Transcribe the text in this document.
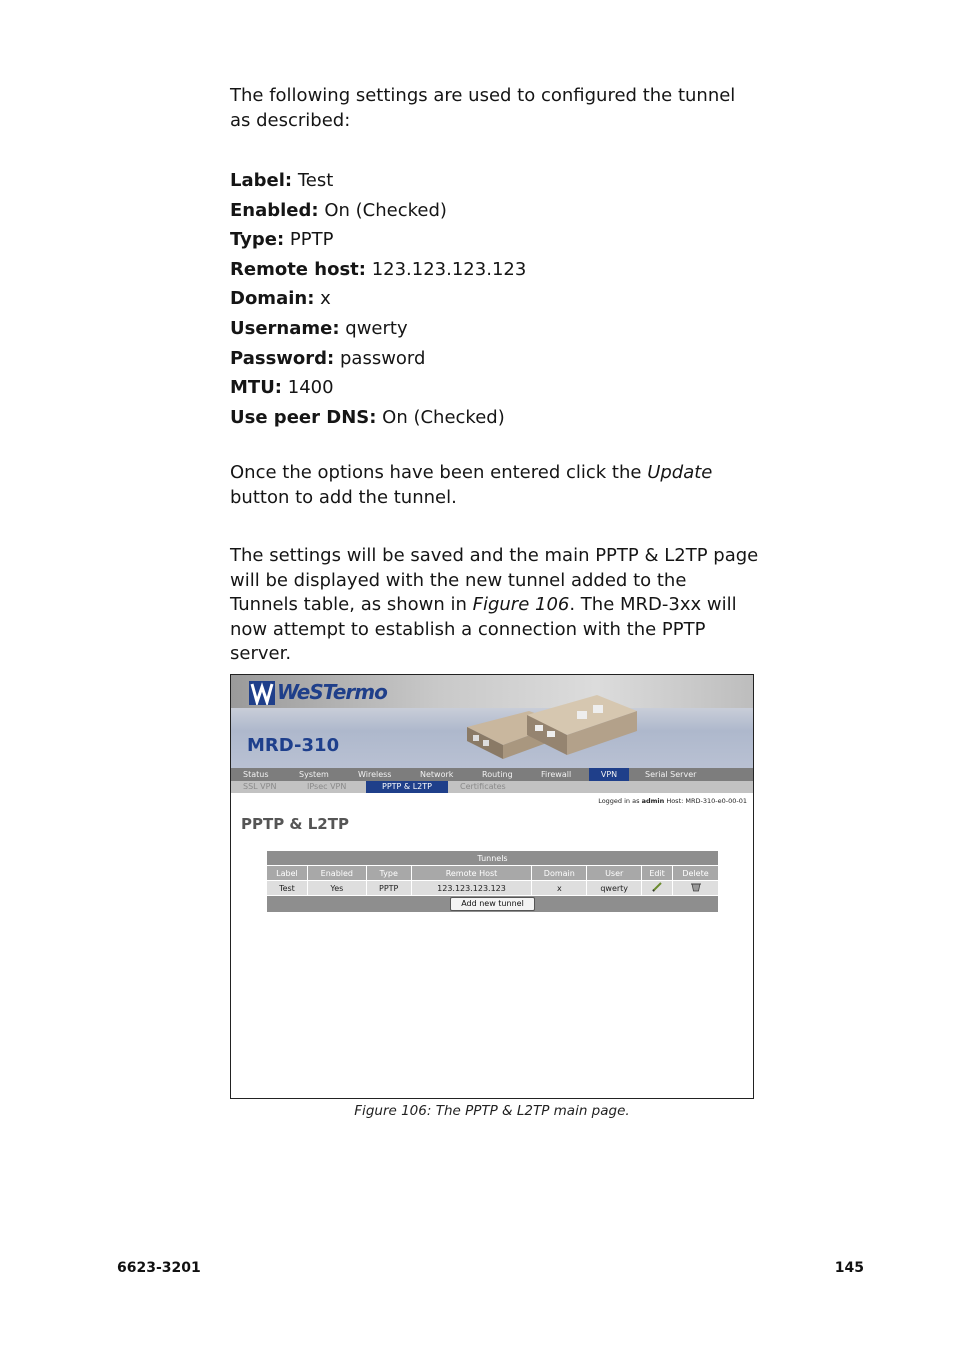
The following settings are used to configured the tunnel as described:

Label: Test
Enabled: On (Checked)
Type: PPTP
Remote host: 123.123.123.123
Domain: x
Username: qwerty
Password: password
MTU: 1400
Use peer DNS: On (Checked)

Once the options have been entered click the Update button to add the tunnel.

The settings will be saved and the main PPTP & L2TP page will be displayed with the new tunnel added to the Tunnels table, as shown in Figure 106. The MRD-3xx will now attempt to establish a connection with the PPTP server.

WeSTermo
MRD-310
Status	System	Wireless	Network	Routing	Firewall	VPN	Serial Server
SSL VPN	IPsec VPN	PPTP & L2TP	Certificates
Logged in as admin Host: MRD-310-e0-00-01
PPTP & L2TP
Tunnels							
Label	Enabled	Type	Remote Host	Domain	User	Edit	Delete
Test	Yes	PPTP	123.123.123.123	x	qwerty		
Add new tunnel							
Figure 106: The PPTP & L2TP main page.
6623-3201	145
